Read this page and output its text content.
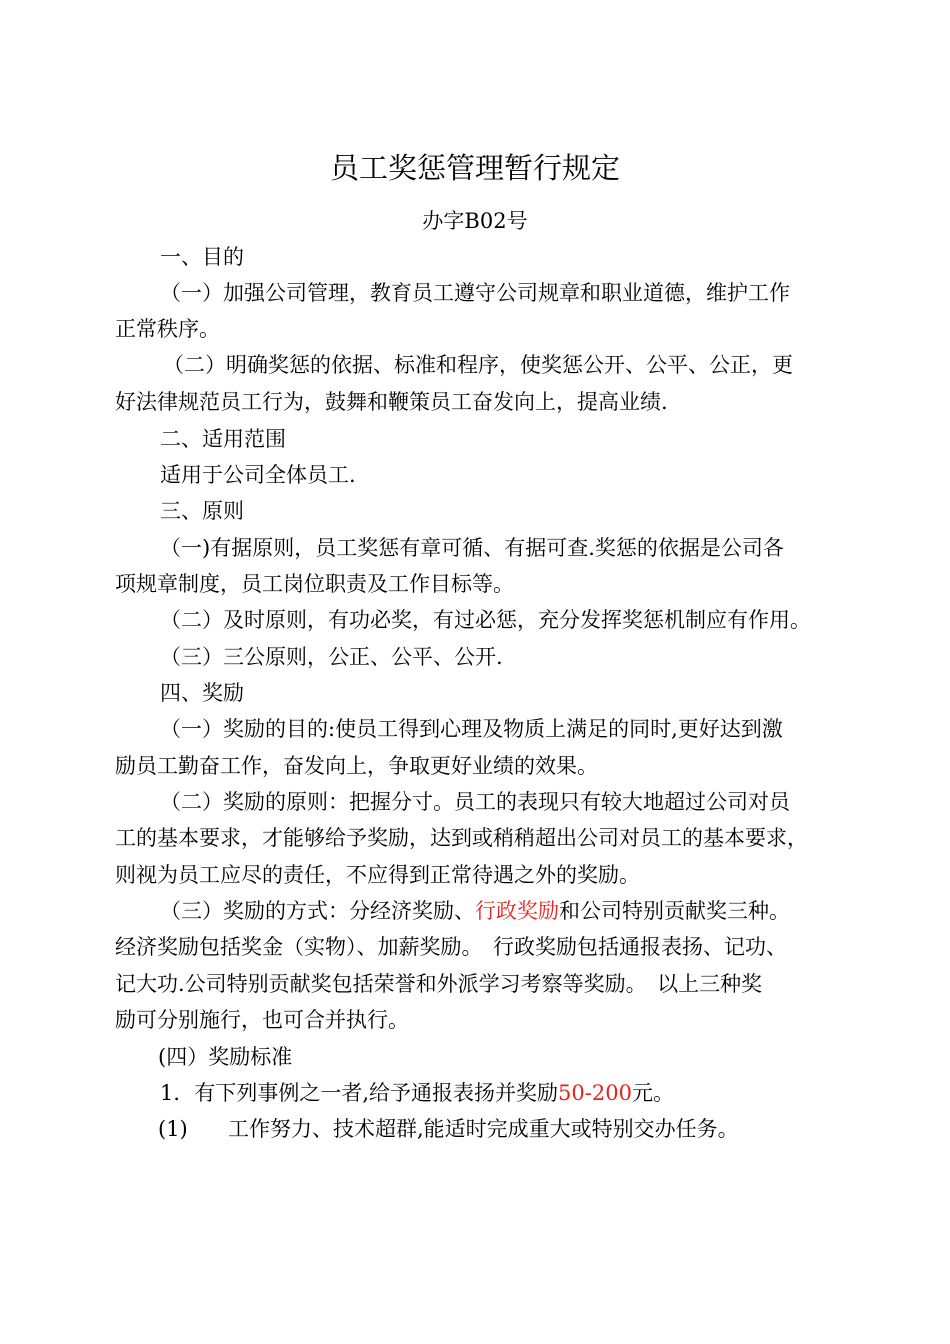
员工奖惩管理暂行规定
办字B02号
一、目的
（一）加强公司管理，教育员工遵守公司规章和职业道德，维护工作
正常秩序。
（二）明确奖惩的依据、标准和程序，使奖惩公开、公平、公正，更
好法律规范员工行为，鼓舞和鞭策员工奋发向上，提高业绩.
二、适用范围
适用于公司全体员工.
三、原则
（一)有据原则，员工奖惩有章可循、有据可查.奖惩的依据是公司各
项规章制度，员工岗位职责及工作目标等。
（二）及时原则，有功必奖，有过必惩，充分发挥奖惩机制应有作用。
（三）三公原则，公正、公平、公开.
四、奖励
（一）奖励的目的:使员工得到心理及物质上满足的同时,更好达到激
励员工勤奋工作，奋发向上，争取更好业绩的效果。
（二）奖励的原则：把握分寸。员工的表现只有较大地超过公司对员
工的基本要求，才能够给予奖励，达到或稍稍超出公司对员工的基本要求，
则视为员工应尽的责任，不应得到正常待遇之外的奖励。
（三）奖励的方式：分经济奖励、行政奖励和公司特别贡献奖三种。
经济奖励包括奖金（实物）、加薪奖励。　行政奖励包括通报表扬、记功、
记大功.公司特别贡献奖包括荣誉和外派学习考察等奖励。　以上三种奖
励可分别施行，也可合并执行。
(四）奖励标准
1．有下列事例之一者,给予通报表扬并奖励50-200元。
(1) 工作努力、技术超群,能适时完成重大或特别交办任务。
